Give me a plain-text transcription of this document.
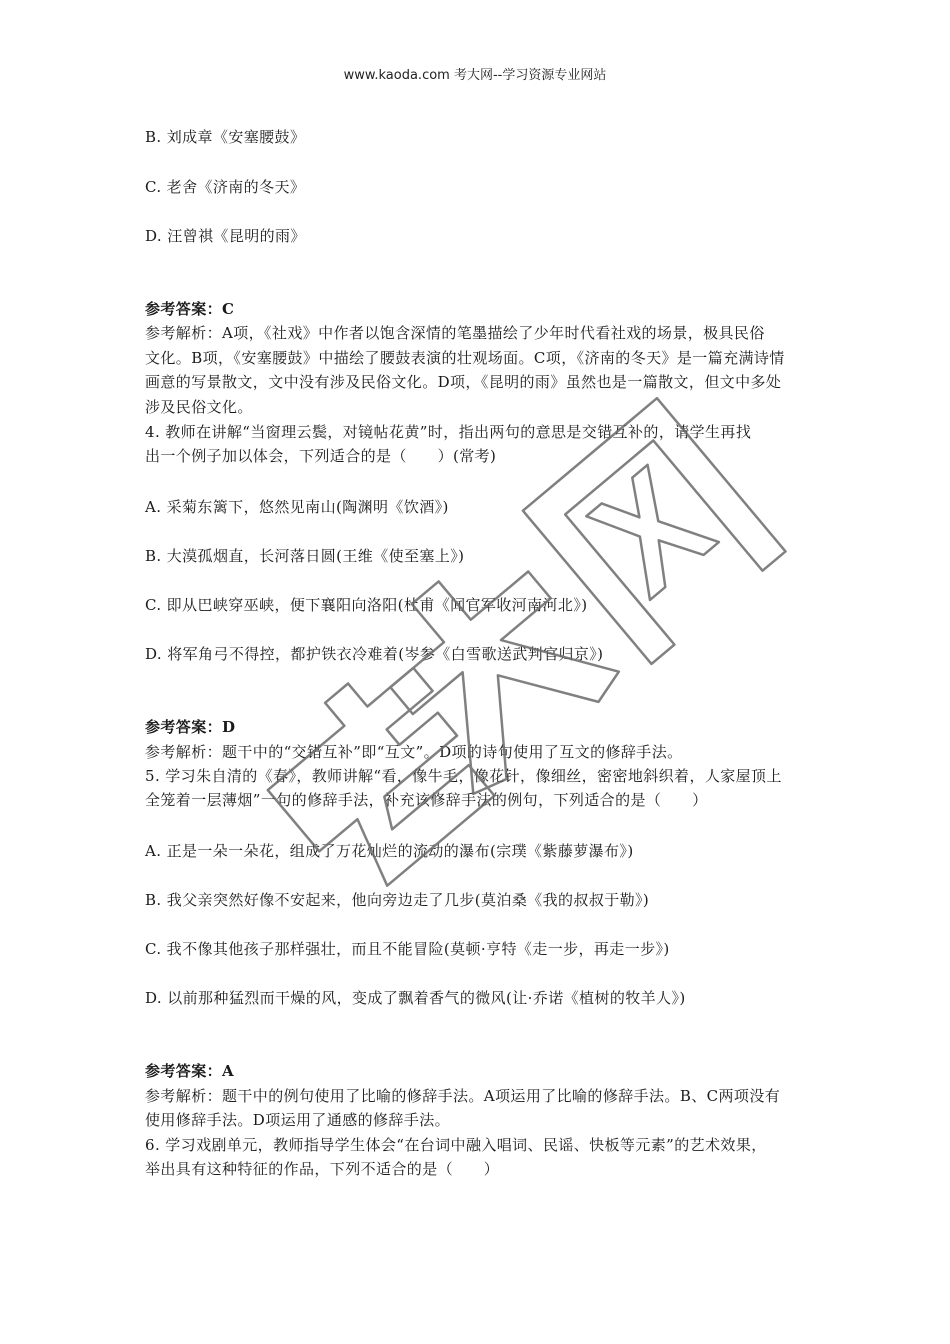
www.kaoda.com 考大网--学习资源专业网站
B. 刘成章《安塞腰鼓》
C. 老舍《济南的冬天》
D. 汪曾祺《昆明的雨》
参考答案：C
参考解析：A项，《社戏》中作者以饱含深情的笔墨描绘了少年时代看社戏的场景，极具民俗
文化。B项，《安塞腰鼓》中描绘了腰鼓表演的壮观场面。C项，《济南的冬天》是一篇充满诗情
画意的写景散文，文中没有涉及民俗文化。D项，《昆明的雨》虽然也是一篇散文，但文中多处
涉及民俗文化。
4. 教师在讲解“当窗理云鬓，对镜帖花黄”时，指出两句的意思是交错互补的，请学生再找
出一个例子加以体会，下列适合的是（　　）(常考)
A. 采菊东篱下，悠然见南山(陶渊明《饮酒》)
B. 大漠孤烟直，长河落日圆(王维《使至塞上》)
C. 即从巴峡穿巫峡，便下襄阳向洛阳(杜甫《闻官军收河南河北》)
D. 将军角弓不得控，都护铁衣冷难着(岑参《白雪歌送武判官归京》)
参考答案：D
参考解析：题干中的“交错互补”即“互文”。D项的诗句使用了互文的修辞手法。
5. 学习朱自清的《春》，教师讲解“看，像牛毛，像花针，像细丝，密密地斜织着，人家屋顶上
全笼着一层薄烟”一句的修辞手法，补充该修辞手法的例句，下列适合的是（　　）
A. 正是一朵一朵花，组成了万花灿烂的流动的瀑布(宗璞《紫藤萝瀑布》)
B. 我父亲突然好像不安起来，他向旁边走了几步(莫泊桑《我的叔叔于勒》)
C. 我不像其他孩子那样强壮，而且不能冒险(莫顿·亨特《走一步，再走一步》)
D. 以前那种猛烈而干燥的风，变成了飘着香气的微风(让·乔诺《植树的牧羊人》)
参考答案：A
参考解析：题干中的例句使用了比喻的修辞手法。A项运用了比喻的修辞手法。B、C两项没有
使用修辞手法。D项运用了通感的修辞手法。
6. 学习戏剧单元，教师指导学生体会“在台词中融入唱词、民谣、快板等元素”的艺术效果，
举出具有这种特征的作品，下列不适合的是（　　）
